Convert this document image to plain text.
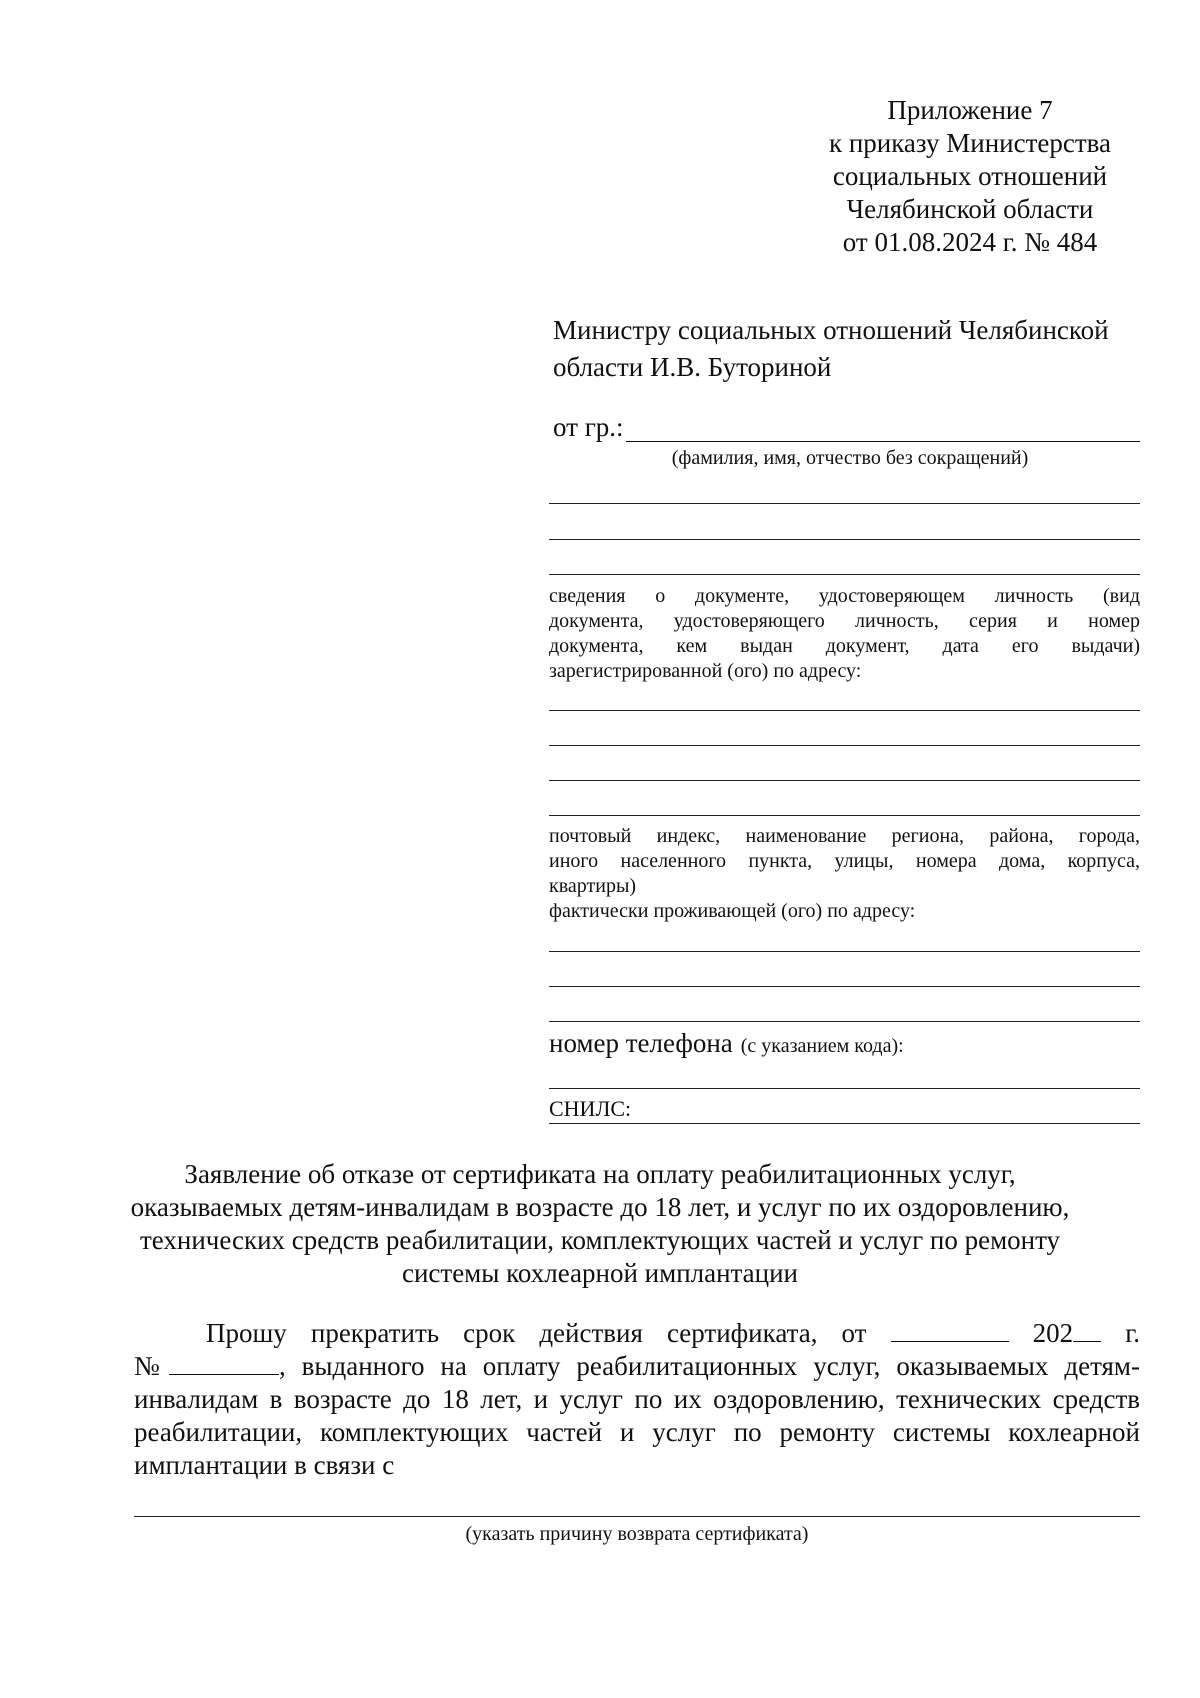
Приложение 7
к приказу Министерства
социальных отношений
Челябинской области
от 01.08.2024 г. № 484
Министру социальных отношений Челябинской
области И.В. Буториной
от гр.:
(фамилия, имя, отчество без сокращений)
сведения о документе, удостоверяющем личность (вид
документа, удостоверяющего личность, серия и номер
документа, кем выдан документ, дата его выдачи)
зарегистрированной (ого) по адресу:
почтовый индекс, наименование региона, района, города,
иного населенного пункта, улицы, номера дома, корпуса,
квартиры)
фактически проживающей (ого) по адресу:
номер телефона (с указанием кода):
СНИЛС:
Заявление об отказе от сертификата на оплату реабилитационных услуг,
оказываемых детям-инвалидам в возрасте до 18 лет, и услуг по их оздоровлению,
технических средств реабилитации, комплектующих частей и услуг по ремонту
системы кохлеарной имплантации
Прошу прекратить срок действия сертификата, от	202 г.
№	, выданного на оплату реабилитационных услуг, оказываемых детям-
инвалидам в возрасте до 18 лет, и услуг по их оздоровлению, технических средств
реабилитации, комплектующих частей и услуг по ремонту системы кохлеарной
имплантации в связи с
(указать причину возврата сертификата)
